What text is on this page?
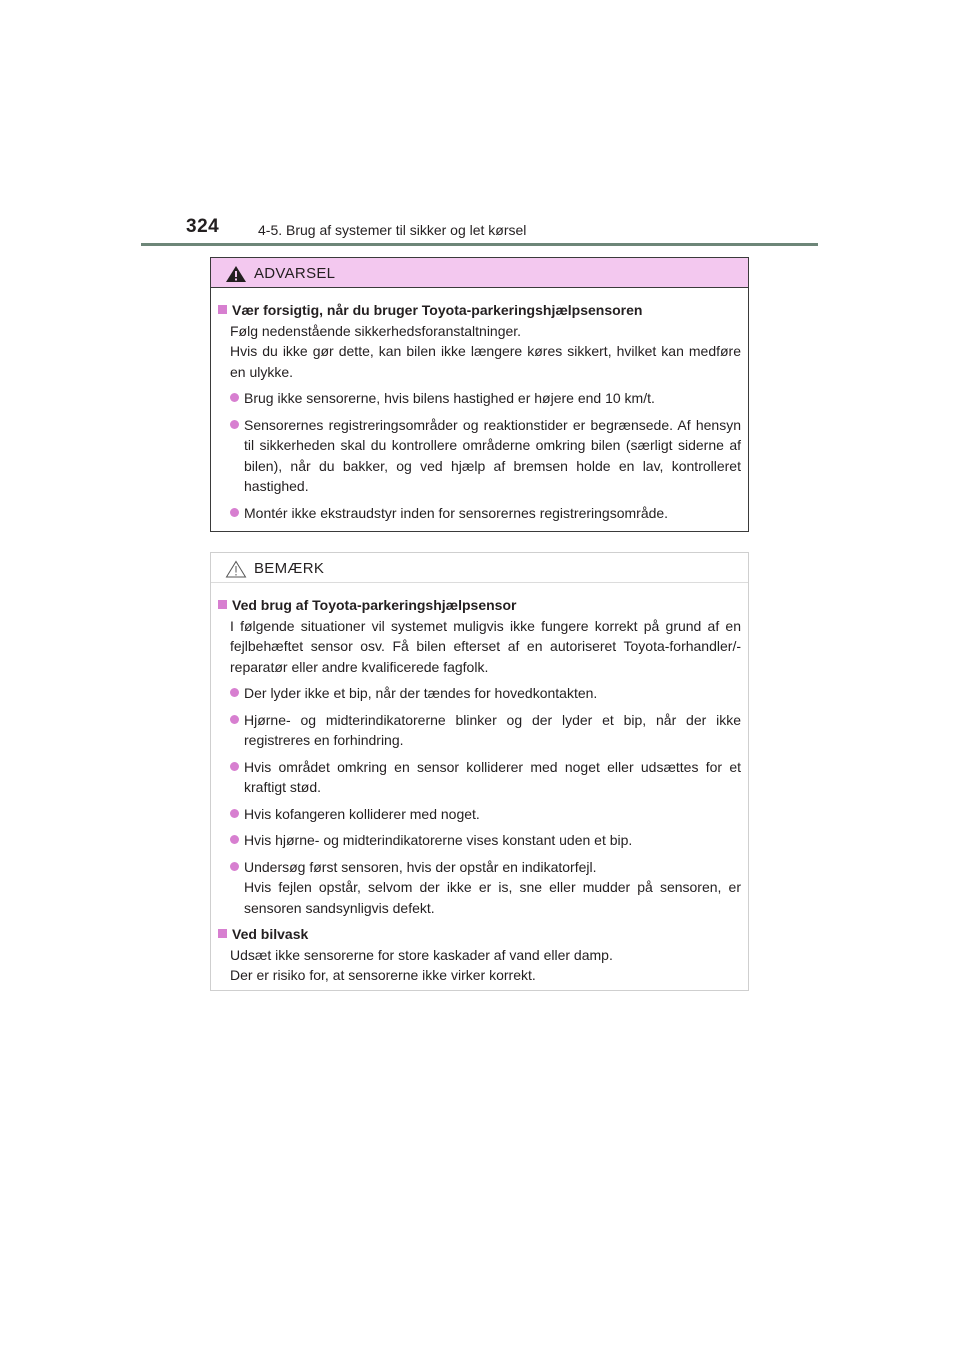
324	4-5. Brug af systemer til sikker og let kørsel
ADVARSEL
Vær forsigtig, når du bruger Toyota-parkeringshjælpsensoren
Følg nedenstående sikkerhedsforanstaltninger.
Hvis du ikke gør dette, kan bilen ikke længere køres sikkert, hvilket kan medføre en ulykke.
Brug ikke sensorerne, hvis bilens hastighed er højere end 10 km/t.
Sensorernes registreringsområder og reaktionstider er begrænsede. Af hensyn til sikkerheden skal du kontrollere områderne omkring bilen (særligt siderne af bilen), når du bakker, og ved hjælp af bremsen holde en lav, kontrolleret hastighed.
Montér ikke ekstraudstyr inden for sensorernes registreringsområde.
BEMÆRK
Ved brug af Toyota-parkeringshjælpsensor
I følgende situationer vil systemet muligvis ikke fungere korrekt på grund af en fejlbehæftet sensor osv. Få bilen efterset af en autoriseret Toyota-forhandler/-reparatør eller andre kvalificerede fagfolk.
Der lyder ikke et bip, når der tændes for hovedkontakten.
Hjørne- og midterindikatorerne blinker og der lyder et bip, når der ikke registreres en forhindring.
Hvis området omkring en sensor kolliderer med noget eller udsættes for et kraftigt stød.
Hvis kofangeren kolliderer med noget.
Hvis hjørne- og midterindikatorerne vises konstant uden et bip.
Undersøg først sensoren, hvis der opstår en indikatorfejl.
Hvis fejlen opstår, selvom der ikke er is, sne eller mudder på sensoren, er sensoren sandsynligvis defekt.
Ved bilvask
Udsæt ikke sensorerne for store kaskader af vand eller damp.
Der er risiko for, at sensorerne ikke virker korrekt.
